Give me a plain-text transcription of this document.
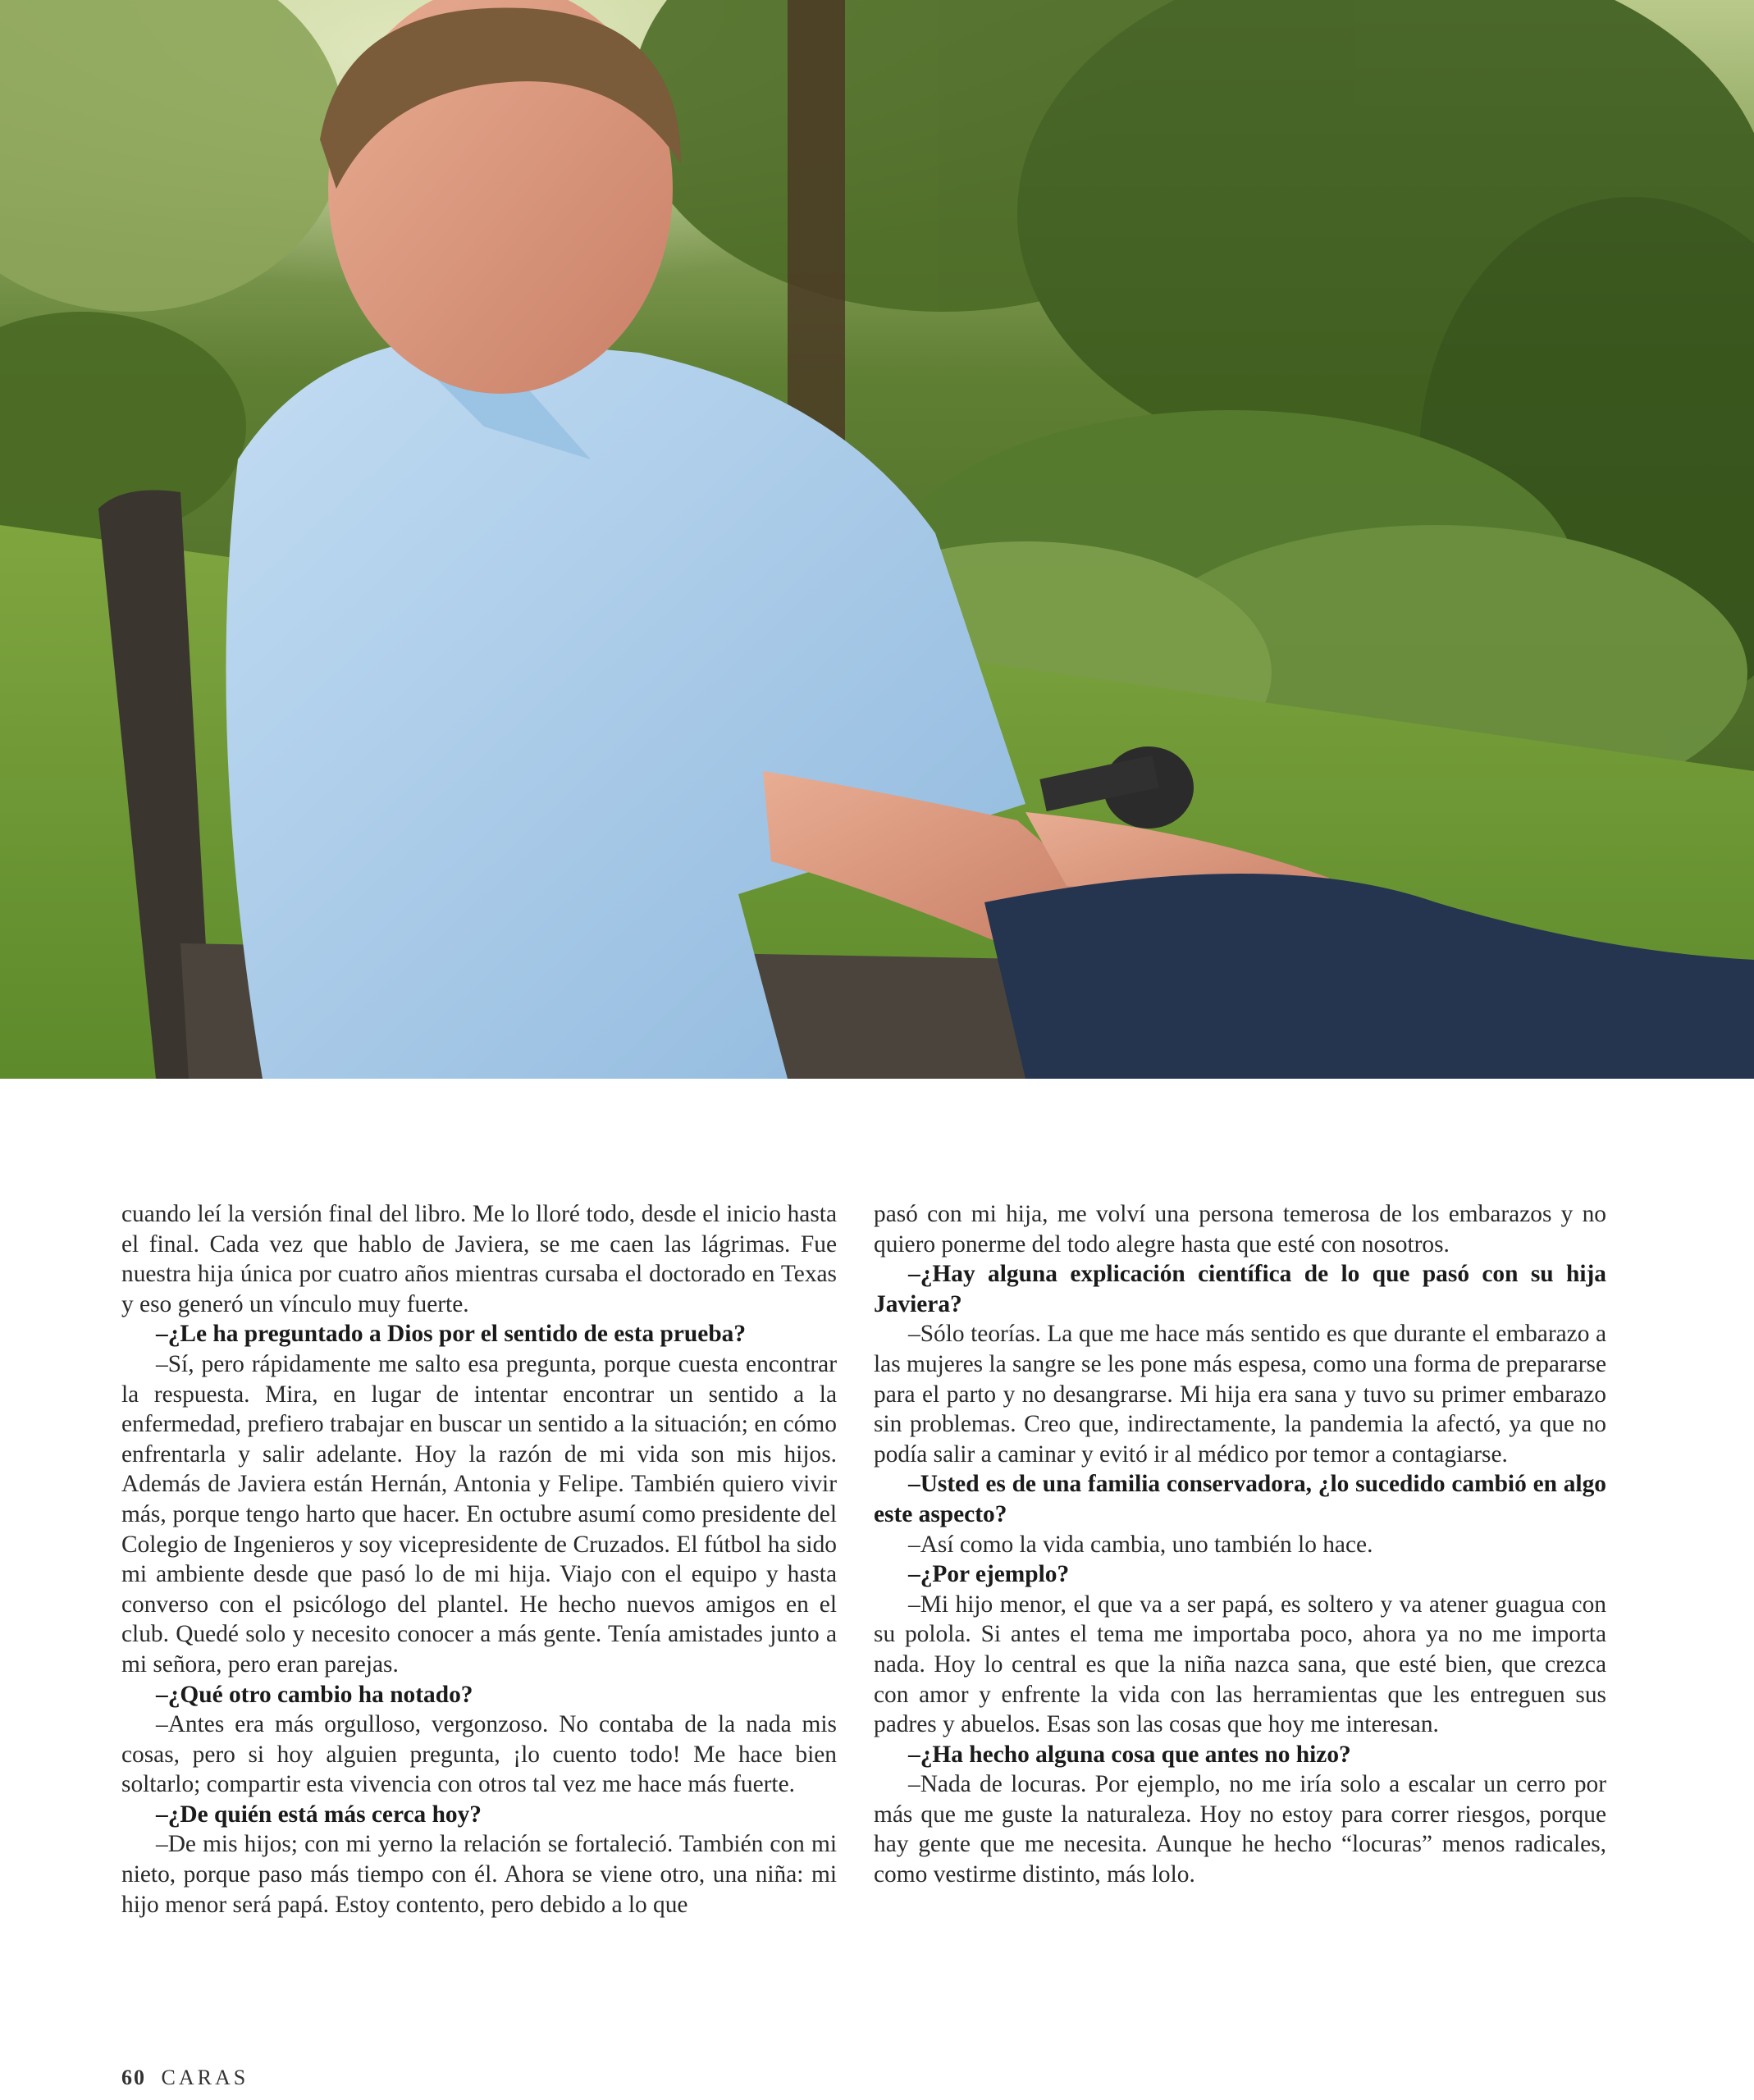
cuando leí la versión final del libro. Me lo lloré todo, desde el inicio hasta el final. Cada vez que hablo de Javiera, se me caen las lágrimas. Fue nuestra hija única por cuatro años mientras cursaba el doctorado en Texas y eso generó un vínculo muy fuerte.

–¿Le ha preguntado a Dios por el sentido de esta prueba?

–Sí, pero rápidamente me salto esa pregunta, porque cuesta encontrar la respuesta. Mira, en lugar de intentar encontrar un sentido a la enfermedad, prefiero trabajar en buscar un sentido a la situación; en cómo enfrentarla y salir adelante. Hoy la razón de mi vida son mis hijos. Además de Javiera están Hernán, Antonia y Felipe. También quiero vivir más, porque tengo harto que hacer. En octubre asumí como presidente del Colegio de Ingenieros y soy vicepresidente de Cruzados. El fútbol ha sido mi ambiente desde que pasó lo de mi hija. Viajo con el equipo y hasta converso con el psicólogo del plantel. He hecho nuevos amigos en el club. Quedé solo y necesito conocer a más gente. Tenía amistades junto a mi señora, pero eran parejas.

–¿Qué otro cambio ha notado?

–Antes era más orgulloso, vergonzoso. No contaba de la nada mis cosas, pero si hoy alguien pregunta, ¡lo cuento todo! Me hace bien soltarlo; compartir esta vivencia con otros tal vez me hace más fuerte.

–¿De quién está más cerca hoy?

–De mis hijos; con mi yerno la relación se fortaleció. También con mi nieto, porque paso más tiempo con él. Ahora se viene otro, una niña: mi hijo menor será papá. Estoy contento, pero debido a lo que

pasó con mi hija, me volví una persona temerosa de los embarazos y no quiero ponerme del todo alegre hasta que esté con nosotros.

–¿Hay alguna explicación científica de lo que pasó con su hija Javiera?

–Sólo teorías. La que me hace más sentido es que durante el embarazo a las mujeres la sangre se les pone más espesa, como una forma de prepararse para el parto y no desangrarse. Mi hija era sana y tuvo su primer embarazo sin problemas. Creo que, indirectamente, la pandemia la afectó, ya que no podía salir a caminar y evitó ir al médico por temor a contagiarse.

–Usted es de una familia conservadora, ¿lo sucedido cambió en algo este aspecto?

–Así como la vida cambia, uno también lo hace.

–¿Por ejemplo?

–Mi hijo menor, el que va a ser papá, es soltero y va atener guagua con su polola. Si antes el tema me importaba poco, ahora ya no me importa nada. Hoy lo central es que la niña nazca sana, que esté bien, que crezca con amor y enfrente la vida con las herramientas que les entreguen sus padres y abuelos. Esas son las cosas que hoy me interesan.

–¿Ha hecho alguna cosa que antes no hizo?

–Nada de locuras. Por ejemplo, no me iría solo a escalar un cerro por más que me guste la naturaleza. Hoy no estoy para correr riesgos, porque hay gente que me necesita. Aunque he hecho “locuras” menos radicales, como vestirme distinto, más lolo.

60 CARAS
